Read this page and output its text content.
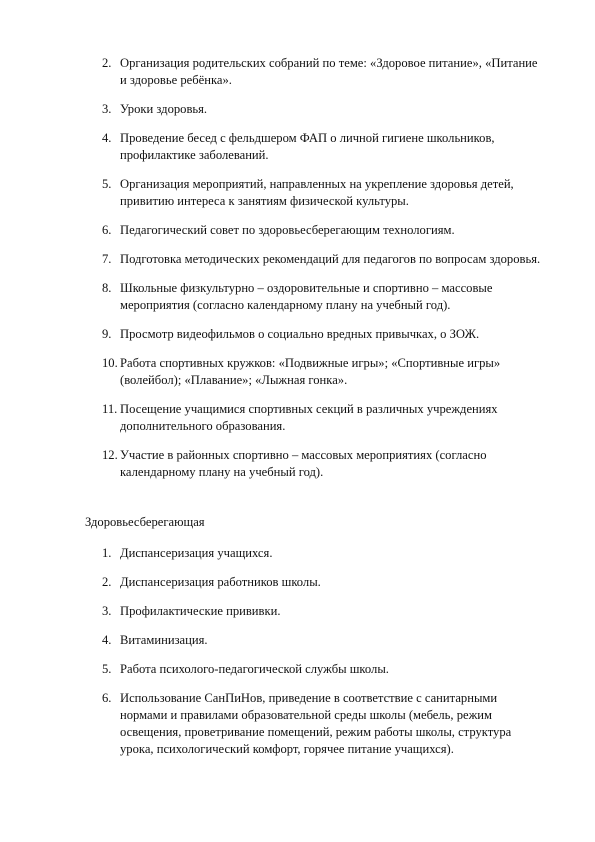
2. Организация родительских собраний по теме: «Здоровое питание», «Питание и здоровье ребёнка».
3. Уроки здоровья.
4. Проведение бесед с фельдшером ФАП о личной гигиене школьников, профилактике заболеваний.
5. Организация мероприятий, направленных на укрепление здоровья детей, привитию интереса к занятиям физической культуры.
6. Педагогический совет по здоровьесберегающим технологиям.
7. Подготовка методических рекомендаций для педагогов по вопросам здоровья.
8. Школьные физкультурно – оздоровительные и спортивно – массовые мероприятия (согласно календарному плану на учебный год).
9. Просмотр видеофильмов о социально вредных привычках, о ЗОЖ.
10. Работа спортивных кружков: «Подвижные игры»; «Спортивные игры» (волейбол); «Плавание»; «Лыжная гонка».
11. Посещение учащимися спортивных секций в различных учреждениях дополнительного образования.
12. Участие в районных спортивно – массовых мероприятиях (согласно календарному плану на учебный год).
Здоровьесберегающая
1. Диспансеризация учащихся.
2. Диспансеризация работников школы.
3. Профилактические прививки.
4. Витаминизация.
5. Работа психолого-педагогической службы школы.
6. Использование СанПиНов, приведение в соответствие с санитарными нормами и правилами образовательной среды школы (мебель, режим освещения, проветривание помещений, режим работы школы, структура урока, психологический комфорт, горячее питание учащихся).
